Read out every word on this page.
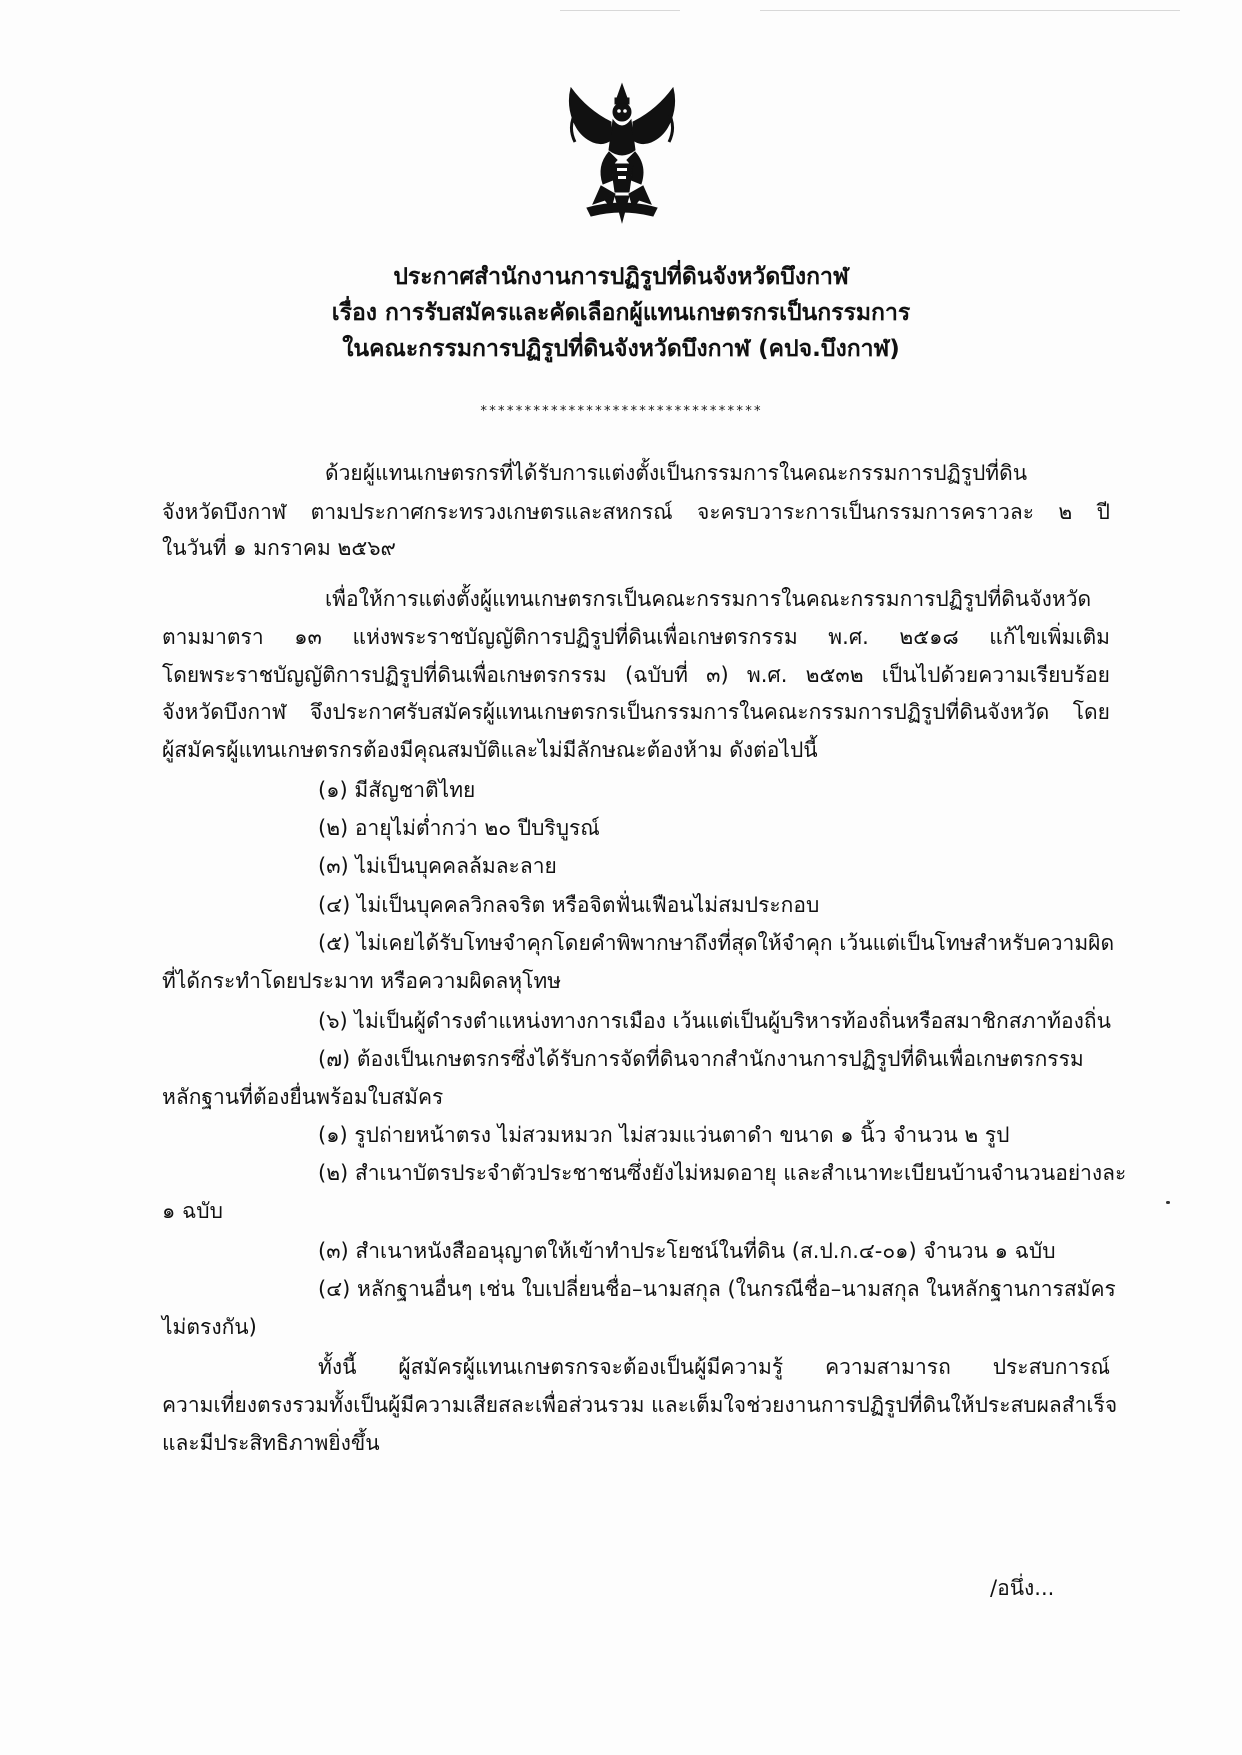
ประกาศสำนักงานการปฏิรูปที่ดินจังหวัดบึงกาฬ
เรื่อง การรับสมัครและคัดเลือกผู้แทนเกษตรกรเป็นกรรมการ
ในคณะกรรมการปฏิรูปที่ดินจังหวัดบึงกาฬ (คปจ.บึงกาฬ)
********************************
ด้วยผู้แทนเกษตรกรที่ได้รับการแต่งตั้งเป็นกรรมการในคณะกรรมการปฏิรูปที่ดิน
จังหวัดบึงกาฬ ตามประกาศกระทรวงเกษตรและสหกรณ์ จะครบวาระการเป็นกรรมการคราวละ ๒ ปี
ในวันที่ ๑ มกราคม ๒๕๖๙
เพื่อให้การแต่งตั้งผู้แทนเกษตรกรเป็นคณะกรรมการในคณะกรรมการปฏิรูปที่ดินจังหวัด
ตามมาตรา ๑๓ แห่งพระราชบัญญัติการปฏิรูปที่ดินเพื่อเกษตรกรรม พ.ศ. ๒๕๑๘ แก้ไขเพิ่มเติม
โดยพระราชบัญญัติการปฏิรูปที่ดินเพื่อเกษตรกรรม (ฉบับที่ ๓) พ.ศ. ๒๕๓๒ เป็นไปด้วยความเรียบร้อย
จังหวัดบึงกาฬ จึงประกาศรับสมัครผู้แทนเกษตรกรเป็นกรรมการในคณะกรรมการปฏิรูปที่ดินจังหวัด โดย
ผู้สมัครผู้แทนเกษตรกรต้องมีคุณสมบัติและไม่มีลักษณะต้องห้าม ดังต่อไปนี้
(๑) มีสัญชาติไทย
(๒) อายุไม่ต่ำกว่า ๒๐ ปีบริบูรณ์
(๓) ไม่เป็นบุคคลล้มละลาย
(๔) ไม่เป็นบุคคลวิกลจริต หรือจิตฟั่นเฟือนไม่สมประกอบ
(๕) ไม่เคยได้รับโทษจำคุกโดยคำพิพากษาถึงที่สุดให้จำคุก เว้นแต่เป็นโทษสำหรับความผิด
ที่ได้กระทำโดยประมาท หรือความผิดลหุโทษ
(๖) ไม่เป็นผู้ดำรงตำแหน่งทางการเมือง เว้นแต่เป็นผู้บริหารท้องถิ่นหรือสมาชิกสภาท้องถิ่น
(๗) ต้องเป็นเกษตรกรซึ่งได้รับการจัดที่ดินจากสำนักงานการปฏิรูปที่ดินเพื่อเกษตรกรรม
หลักฐานที่ต้องยื่นพร้อมใบสมัคร
(๑) รูปถ่ายหน้าตรง ไม่สวมหมวก ไม่สวมแว่นตาดำ ขนาด ๑ นิ้ว จำนวน ๒ รูป
(๒) สำเนาบัตรประจำตัวประชาชนซึ่งยังไม่หมดอายุ และสำเนาทะเบียนบ้านจำนวนอย่างละ
๑ ฉบับ
(๓) สำเนาหนังสืออนุญาตให้เข้าทำประโยชน์ในที่ดิน (ส.ป.ก.๔-๐๑) จำนวน ๑ ฉบับ
(๔) หลักฐานอื่นๆ เช่น ใบเปลี่ยนชื่อ–นามสกุล (ในกรณีชื่อ–นามสกุล ในหลักฐานการสมัคร
ไม่ตรงกัน)
ทั้งนี้ ผู้สมัครผู้แทนเกษตรกรจะต้องเป็นผู้มีความรู้ ความสามารถ ประสบการณ์
ความเที่ยงตรงรวมทั้งเป็นผู้มีความเสียสละเพื่อส่วนรวม และเต็มใจช่วยงานการปฏิรูปที่ดินให้ประสบผลสำเร็จ
และมีประสิทธิภาพยิ่งขึ้น
/อนึ่ง...
